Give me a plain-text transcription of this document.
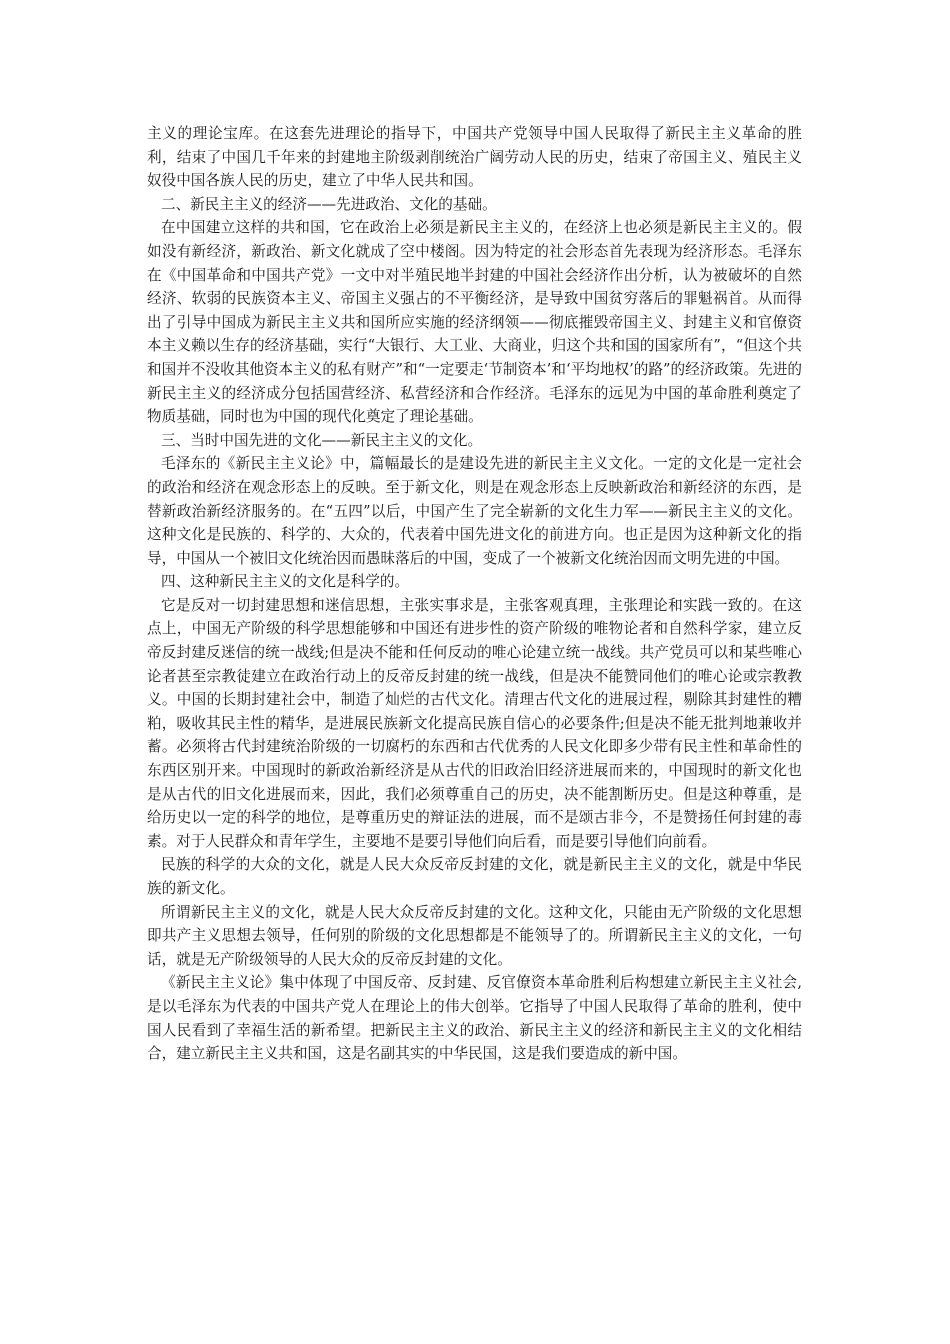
主义的理论宝库。在这套先进理论的指导下，中国共产党领导中国人民取得了新民主主义革命的胜利，结束了中国几千年来的封建地主阶级剥削统治广阔劳动人民的历史，结束了帝国主义、殖民主义奴役中国各族人民的历史，建立了中华人民共和国。

二、新民主主义的经济——先进政治、文化的基础。

在中国建立这样的共和国，它在政治上必须是新民主主义的，在经济上也必须是新民主主义的。假如没有新经济，新政治、新文化就成了空中楼阁。因为特定的社会形态首先表现为经济形态。毛泽东在《中国革命和中国共产党》一文中对半殖民地半封建的中国社会经济作出分析，认为被破坏的自然经济、软弱的民族资本主义、帝国主义强占的不平衡经济，是导致中国贫穷落后的罪魁祸首。从而得出了引导中国成为新民主主义共和国所应实施的经济纲领——彻底摧毁帝国主义、封建主义和官僚资本主义赖以生存的经济基础，实行“大银行、大工业、大商业，归这个共和国的国家所有”，“但这个共和国并不没收其他资本主义的私有财产”和“一定要走‘节制资本’和‘平均地权’的路”的经济政策。先进的新民主主义的经济成分包括国营经济、私营经济和合作经济。毛泽东的远见为中国的革命胜利奠定了物质基础，同时也为中国的现代化奠定了理论基础。

三、当时中国先进的文化——新民主主义的文化。

毛泽东的《新民主主义论》中，篇幅最长的是建设先进的新民主主义文化。一定的文化是一定社会的政治和经济在观念形态上的反映。至于新文化，则是在观念形态上反映新政治和新经济的东西，是替新政治新经济服务的。在“五四”以后，中国产生了完全崭新的文化生力军——新民主主义的文化。这种文化是民族的、科学的、大众的，代表着中国先进文化的前进方向。也正是因为这种新文化的指导，中国从一个被旧文化统治因而愚昧落后的中国，变成了一个被新文化统治因而文明先进的中国。

四、这种新民主主义的文化是科学的。

它是反对一切封建思想和迷信思想，主张实事求是，主张客观真理，主张理论和实践一致的。在这点上，中国无产阶级的科学思想能够和中国还有进步性的资产阶级的唯物论者和自然科学家，建立反帝反封建反迷信的统一战线;但是决不能和任何反动的唯心论建立统一战线。共产党员可以和某些唯心论者甚至宗教徒建立在政治行动上的反帝反封建的统一战线，但是决不能赞同他们的唯心论或宗教教义。中国的长期封建社会中，制造了灿烂的古代文化。清理古代文化的进展过程，剔除其封建性的糟粕，吸收其民主性的精华，是进展民族新文化提高民族自信心的必要条件;但是决不能无批判地兼收并蓄。必须将古代封建统治阶级的一切腐朽的东西和古代优秀的人民文化即多少带有民主性和革命性的东西区别开来。中国现时的新政治新经济是从古代的旧政治旧经济进展而来的，中国现时的新文化也是从古代的旧文化进展而来，因此，我们必须尊重自己的历史，决不能割断历史。但是这种尊重，是给历史以一定的科学的地位，是尊重历史的辩证法的进展，而不是颂古非今，不是赞扬任何封建的毒素。对于人民群众和青年学生，主要地不是要引导他们向后看，而是要引导他们向前看。

民族的科学的大众的文化，就是人民大众反帝反封建的文化，就是新民主主义的文化，就是中华民族的新文化。

所谓新民主主义的文化，就是人民大众反帝反封建的文化。这种文化，只能由无产阶级的文化思想即共产主义思想去领导，任何别的阶级的文化思想都是不能领导了的。所谓新民主主义的文化，一句话，就是无产阶级领导的人民大众的反帝反封建的文化。

《新民主主义论》集中体现了中国反帝、反封建、反官僚资本革命胜利后构想建立新民主主义社会,是以毛泽东为代表的中国共产党人在理论上的伟大创举。它指导了中国人民取得了革命的胜利，使中国人民看到了幸福生活的新希望。把新民主主义的政治、新民主主义的经济和新民主主义的文化相结合，建立新民主主义共和国，这是名副其实的中华民国，这是我们要造成的新中国。
